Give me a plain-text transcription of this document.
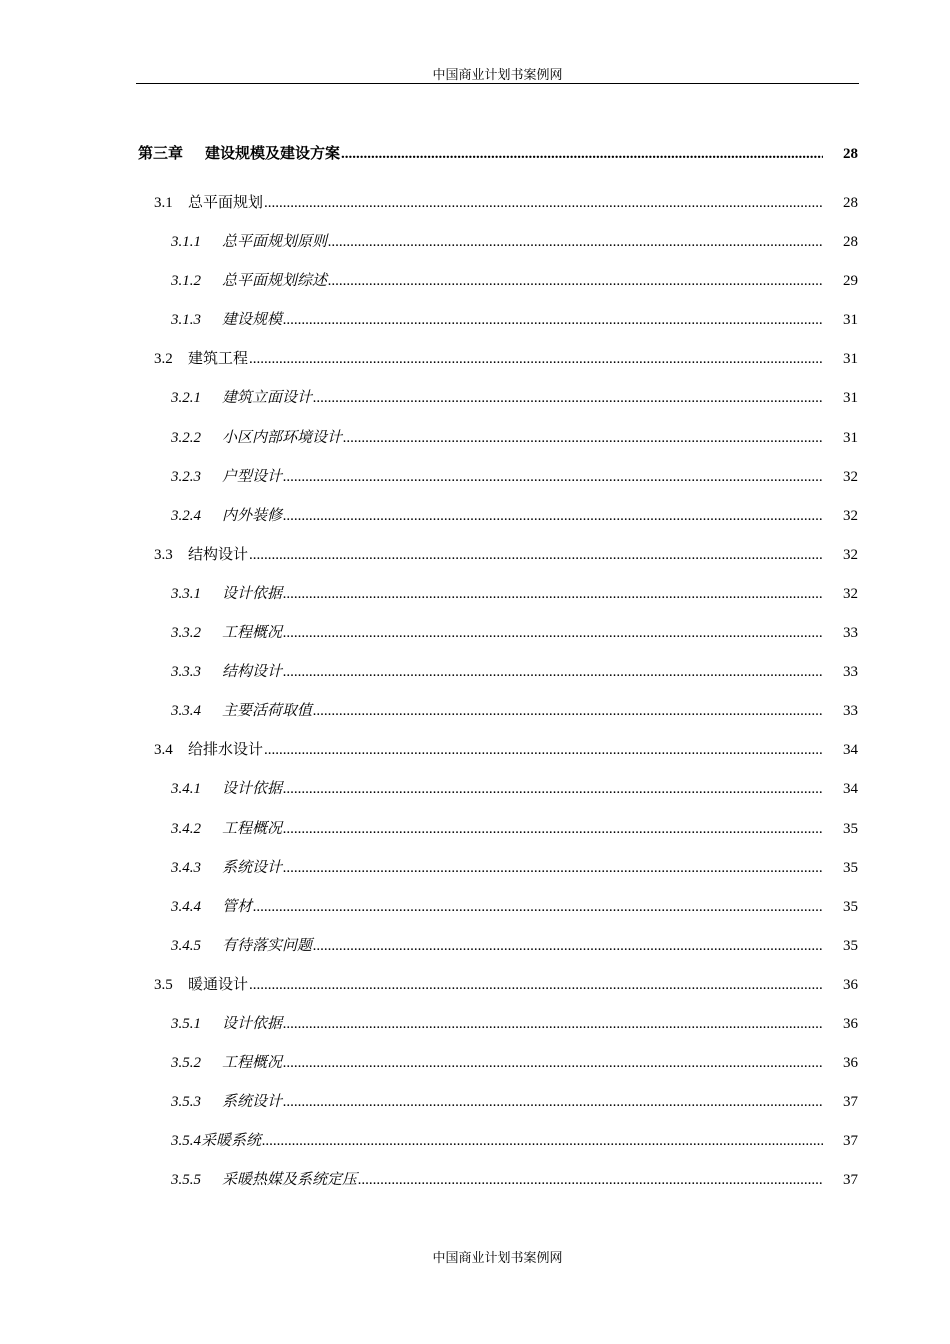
中国商业计划书案例网
第三章	建设规模及建设方案 .....	28
3.1	总平面规划 .....	28
3.1.1	总平面规划原则 .....	28
3.1.2	总平面规划综述 .....	29
3.1.3	建设规模 .....	31
3.2	建筑工程 .....	31
3.2.1	建筑立面设计 .....	31
3.2.2	小区内部环境设计 .....	31
3.2.3	户型设计 .....	32
3.2.4	内外装修 .....	32
3.3	结构设计 .....	32
3.3.1	设计依据 .....	32
3.3.2	工程概况 .....	33
3.3.3	结构设计 .....	33
3.3.4	主要活荷取值 .....	33
3.4	给排水设计 .....	34
3.4.1	设计依据 .....	34
3.4.2	工程概况 .....	35
3.4.3	系统设计 .....	35
3.4.4	管材 .....	35
3.4.5	有待落实问题 .....	35
3.5	暖通设计 .....	36
3.5.1	设计依据 .....	36
3.5.2	工程概况 .....	36
3.5.3	系统设计 .....	37
3.5.4 采暖系统 .....	37
3.5.5	采暖热媒及系统定压 .....	37
中国商业计划书案例网
